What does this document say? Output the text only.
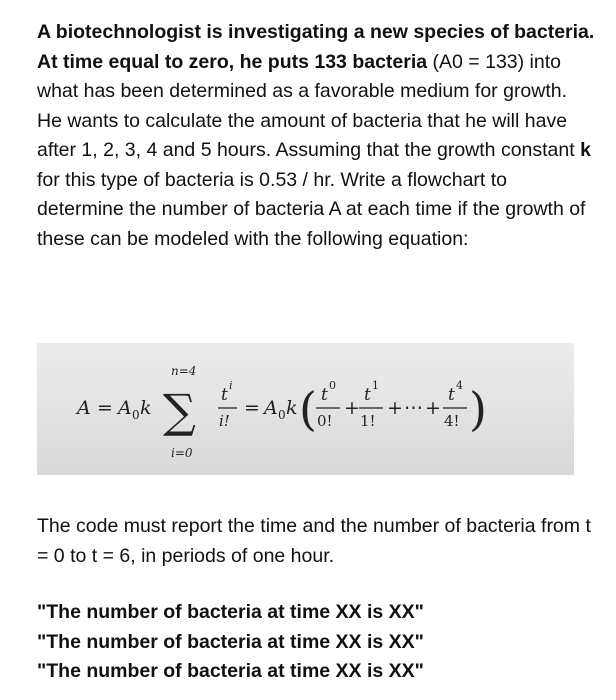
A biotechnologist is investigating a new species of bacteria. At time equal to zero, he puts 133 bacteria (A0 = 133) into what has been determined as a favorable medium for growth. He wants to calculate the amount of bacteria that he will have after 1, 2, 3, 4 and 5 hours. Assuming that the growth constant k for this type of bacteria is 0.53 / hr. Write a flowchart to determine the number of bacteria A at each time if the growth of these can be modeled with the following equation:

A = A 0 k
n=4
∑
i=0
t i
i!
= A 0 k ( t 0
0!
+
t 1
1!
+ ⋯ +
t 4
4! )

The code must report the time and the number of bacteria from t = 0 to t = 6, in periods of one hour.

"The number of bacteria at time XX is XX"
"The number of bacteria at time XX is XX"
"The number of bacteria at time XX is XX"
